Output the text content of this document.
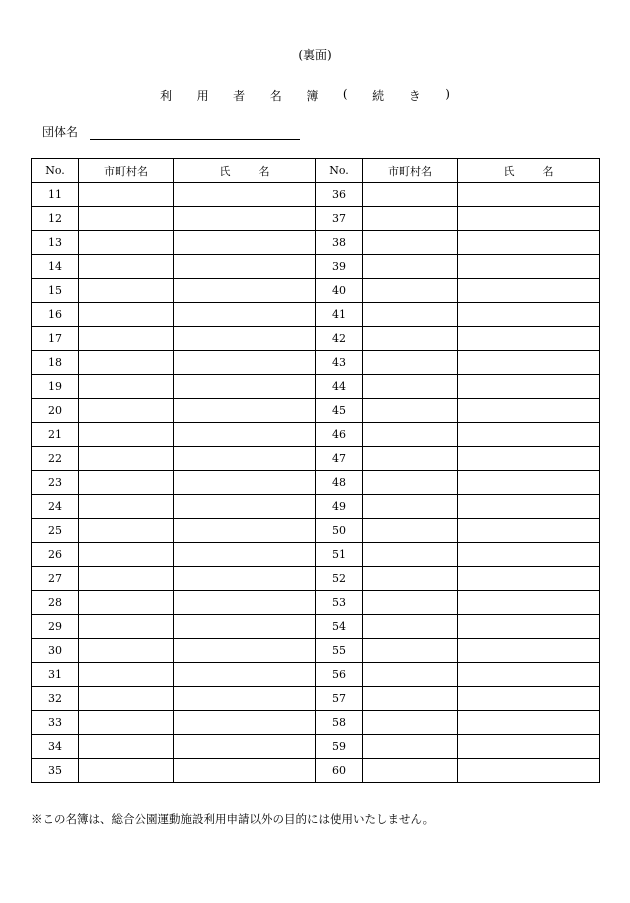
(裏面)
利 用 者 名 簿 ( 続 き )
団体名
No.	市町村名	氏 名	No.	市町村名	氏 名
11			36		
12			37		
13			38		
14			39		
15			40		
16			41		
17			42		
18			43		
19			44		
20			45		
21			46		
22			47		
23			48		
24			49		
25			50		
26			51		
27			52		
28			53		
29			54		
30			55		
31			56		
32			57		
33			58		
34			59		
35			60		
※この名簿は、総合公園運動施設利用申請以外の目的には使用いたしません。
